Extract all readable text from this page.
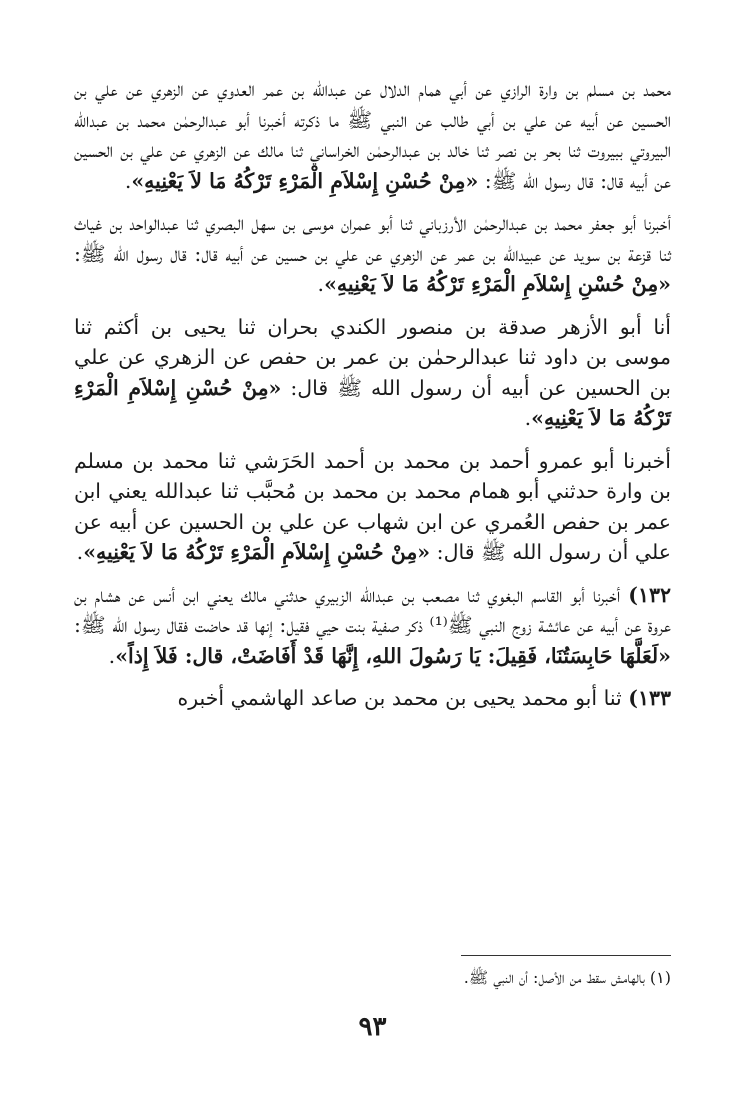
محمد بن مسلم بن وارة الرازي عن أبي همام الدلال عن عبدالله بن عمر العدوي عن الزهري عن علي بن الحسين عن أبيه عن علي بن أبي طالب عن النبي ﷺ ما ذكرته أخبرنا أبو عبدالرحمٰن محمد بن عبدالله البيروتي ببيروت ثنا بحر بن نصر ثنا خالد بن عبدالرحمٰن الخراساني ثنا مالك عن الزهري عن علي بن الحسين عن أبيه قال: قال رسول الله ﷺ: «مِنْ حُسْنِ إِسْلاَمِ الْمَرْءِ تَرْكُهُ مَا لاَ يَعْنِيهِ».

أخبرنا أبو جعفر محمد بن عبدالرحمٰن الأرزباني ثنا أبو عمران موسى بن سهل البصري ثنا عبدالواحد بن غياث ثنا قزعة بن سويد عن عبيدالله بن عمر عن الزهري عن علي بن حسين عن أبيه قال: قال رسول الله ﷺ: «مِنْ حُسْنِ إِسْلاَمِ الْمَرْءِ تَرْكُهُ مَا لاَ يَعْنِيهِ».

أنا أبو الأزهر صدقة بن منصور الكندي بحران ثنا يحيى بن أكثم ثنا موسى بن داود ثنا عبدالرحمٰن بن عمر بن حفص عن الزهري عن علي بن الحسين عن أبيه أن رسول الله ﷺ قال: «مِنْ حُسْنِ إِسْلاَمِ الْمَرْءِ تَرْكُهُ مَا لاَ يَعْنِيهِ».

أخبرنا أبو عمرو أحمد بن محمد بن أحمد الحَرَشي ثنا محمد بن مسلم بن وارة حدثني أبو همام محمد بن محمد بن مُحبَّب ثنا عبدالله يعني ابن عمر بن حفص العُمري عن ابن شهاب عن علي بن الحسين عن أبيه عن علي أن رسول الله ﷺ قال: «مِنْ حُسْنِ إِسْلاَمِ الْمَرْءِ تَرْكُهُ مَا لاَ يَعْنِيهِ».

١٣٢) أخبرنا أبو القاسم البغوي ثنا مصعب بن عبدالله الزبيري حدثني مالك يعني ابن أنس عن هشام بن عروة عن أبيه عن عائشة زوج النبي ﷺ⁽¹⁾ ذكر صفية بنت حيي فقيل: إنها قد حاضت فقال رسول الله ﷺ: «لَعَلَّهَا حَابِسَتُنَا، فَقِيلَ: يَا رَسُولَ اللهِ، إِنَّهَا قَدْ أَفَاضَتْ، قال: فَلاَ إِذاً».

١٣٣) ثنا أبو محمد يحيى بن محمد بن صاعد الهاشمي أخبره

(١) بالهامش سقط من الأصل: أن النبي ﷺ.
٩٣
